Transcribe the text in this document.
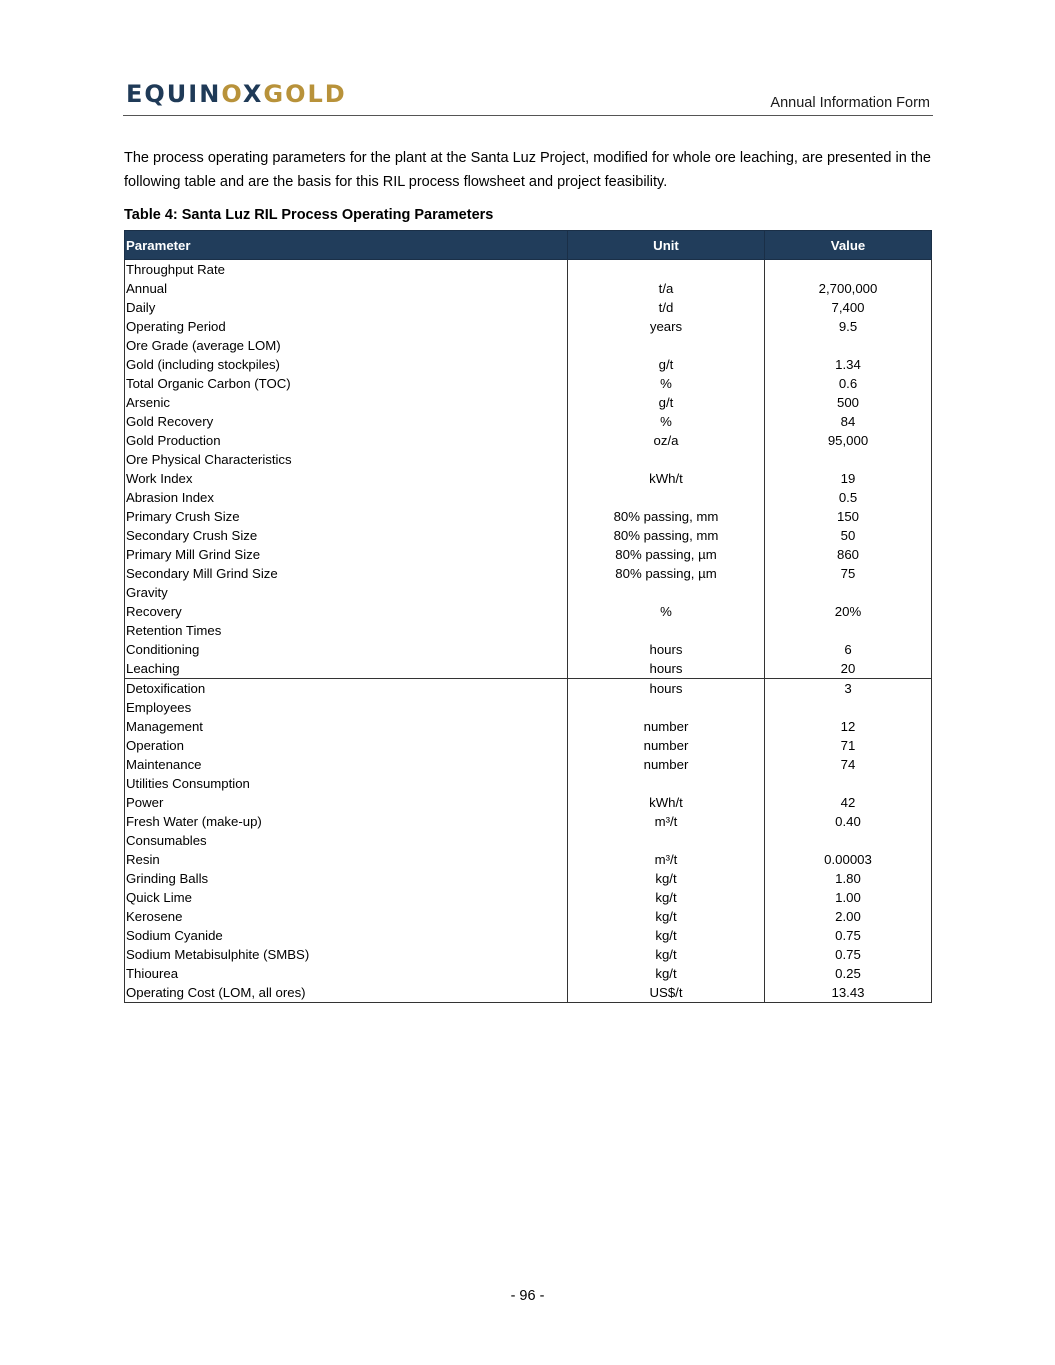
EQUINOXGOLD	Annual Information Form

The process operating parameters for the plant at the Santa Luz Project, modified for whole ore leaching, are presented in the following table and are the basis for this RIL process flowsheet and project feasibility.

Table 4: Santa Luz RIL Process Operating Parameters

Parameter	Unit	Value
Throughput Rate		
Annual	t/a	2,700,000
Daily	t/d	7,400
Operating Period	years	9.5
Ore Grade (average LOM)		
Gold (including stockpiles)	g/t	1.34
Total Organic Carbon (TOC)	%	0.6
Arsenic	g/t	500
Gold Recovery	%	84
Gold Production	oz/a	95,000
Ore Physical Characteristics		
Work Index	kWh/t	19
Abrasion Index		0.5
Primary Crush Size	80% passing, mm	150
Secondary Crush Size	80% passing, mm	50
Primary Mill Grind Size	80% passing, µm	860
Secondary Mill Grind Size	80% passing, µm	75
Gravity		
Recovery	%	20%
Retention Times		
Conditioning	hours	6
Leaching	hours	20
Detoxification	hours	3
Employees		
Management	number	12
Operation	number	71
Maintenance	number	74
Utilities Consumption		
Power	kWh/t	42
Fresh Water (make-up)	m³/t	0.40
Consumables		
Resin	m³/t	0.00003
Grinding Balls	kg/t	1.80
Quick Lime	kg/t	1.00
Kerosene	kg/t	2.00
Sodium Cyanide	kg/t	0.75
Sodium Metabisulphite (SMBS)	kg/t	0.75
Thiourea	kg/t	0.25
Operating Cost (LOM, all ores)	US$/t	13.43
- 96 -
